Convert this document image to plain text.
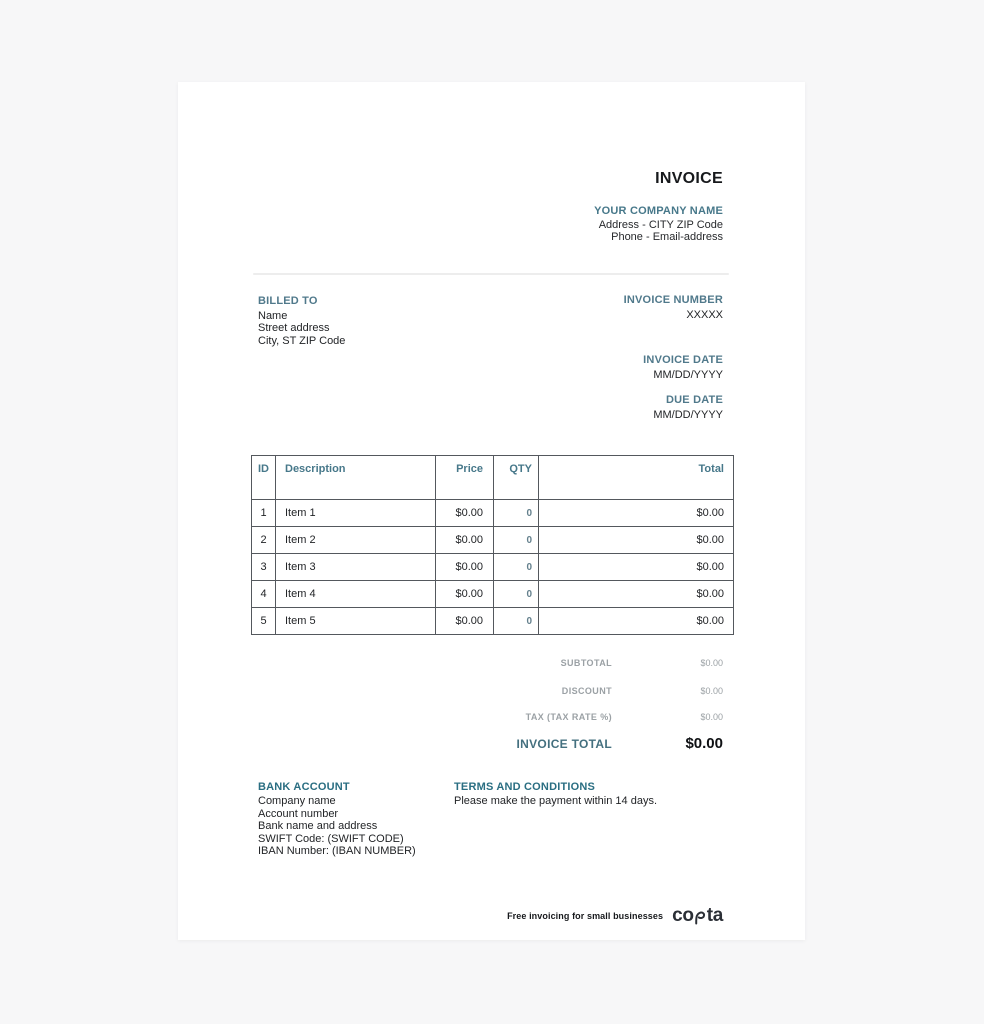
INVOICE
YOUR COMPANY NAME
Address - CITY ZIP Code
Phone - Email-address
BILLED TO
Name
Street address
City, ST ZIP Code
INVOICE NUMBER
XXXXX
INVOICE DATE
MM/DD/YYYY
DUE DATE
MM/DD/YYYY
ID	Description	Price	QTY	Total
1	Item 1	$0.00	0	$0.00
2	Item 2	$0.00	0	$0.00
3	Item 3	$0.00	0	$0.00
4	Item 4	$0.00	0	$0.00
5	Item 5	$0.00	0	$0.00
SUBTOTAL	$0.00
DISCOUNT	$0.00
TAX (TAX RATE %)	$0.00
INVOICE TOTAL	$0.00
BANK ACCOUNT
Company name
Account number
Bank name and address
SWIFT Code: (SWIFT CODE)
IBAN Number: (IBAN NUMBER)
TERMS AND CONDITIONS
Please make the payment within 14 days.
Free invoicing for small businesses co ta
